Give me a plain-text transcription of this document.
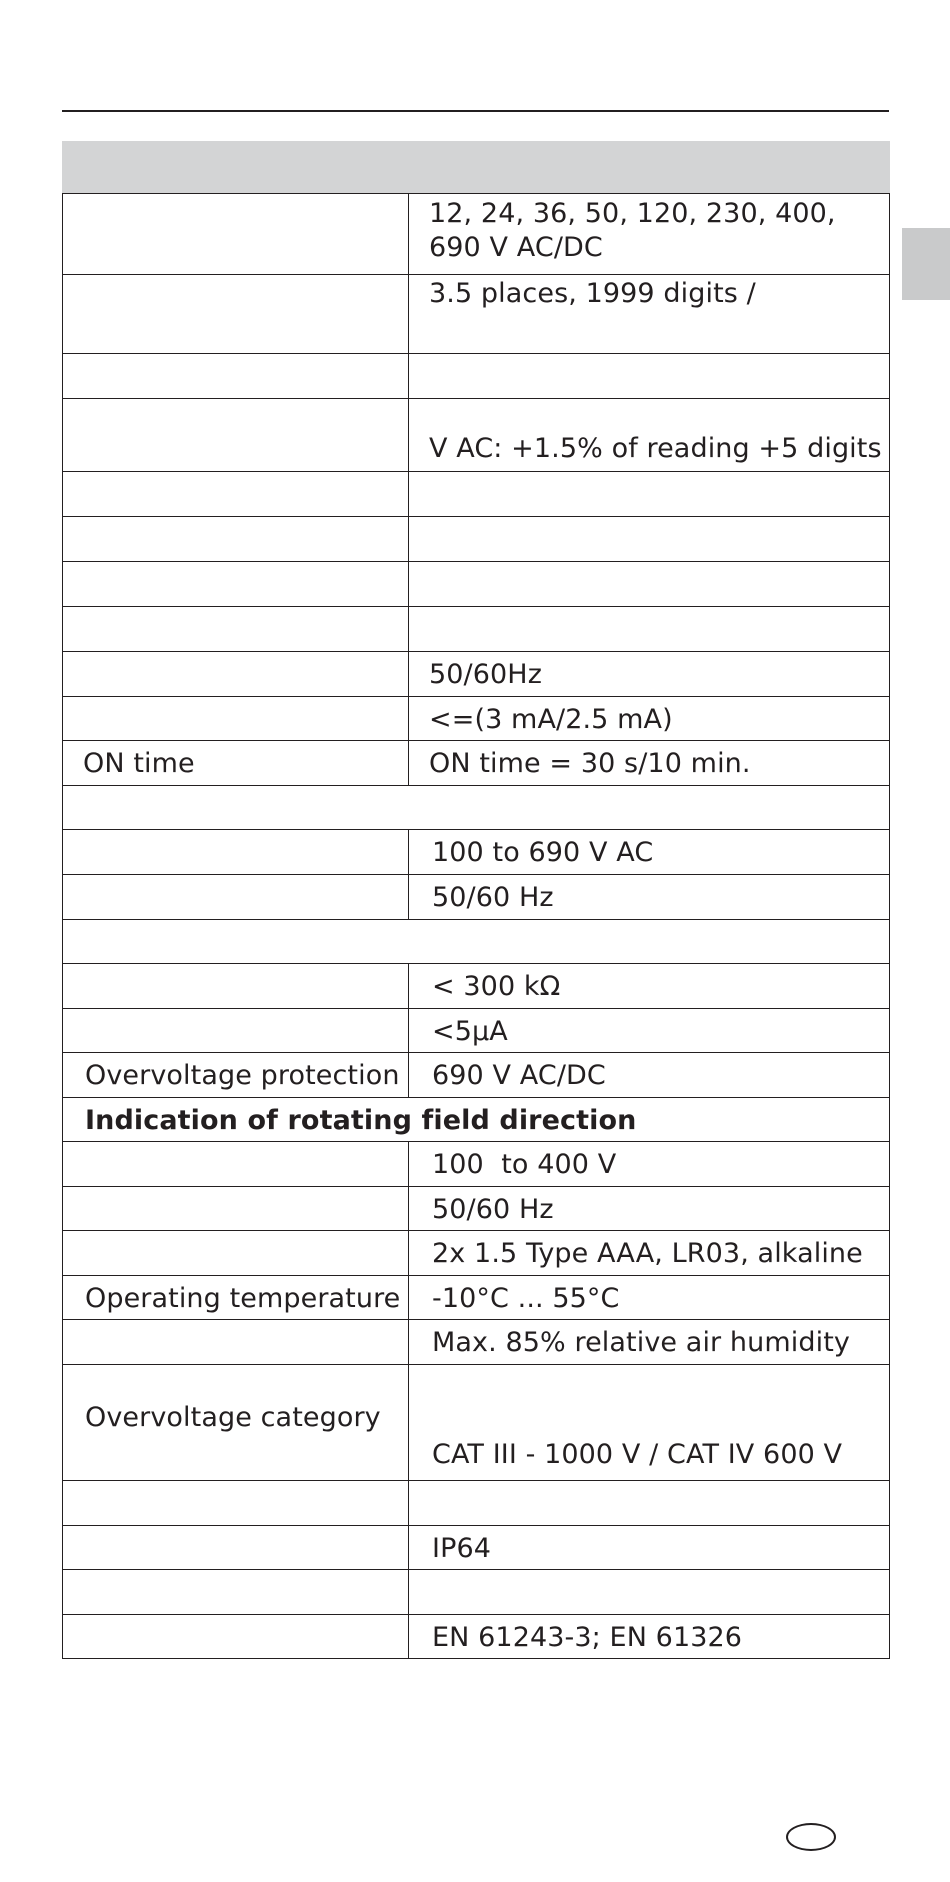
	12, 24, 36, 50, 120, 230, 400, 690 V AC/DC

	3.5 places, 1999 digits /

	V AC: +1.5% of reading +5 digits

	50/60Hz

	<=(3 mA/2.5 mA)

ON time	ON time = 30 s/10 min.

	100 to 690 V AC

	50/60 Hz

	< 300 kΩ

	<5µA

Overvoltage protection	690 V AC/DC

Indication of rotating field direction	

	100  to 400 V

	50/60 Hz

	2x 1.5 Type AAA, LR03, alkaline

Operating temperature	-10°C ... 55°C

	Max. 85% relative air humidity

Overvoltage category	CAT III - 1000 V / CAT IV 600 V

	IP64

	EN 61243-3; EN 61326
